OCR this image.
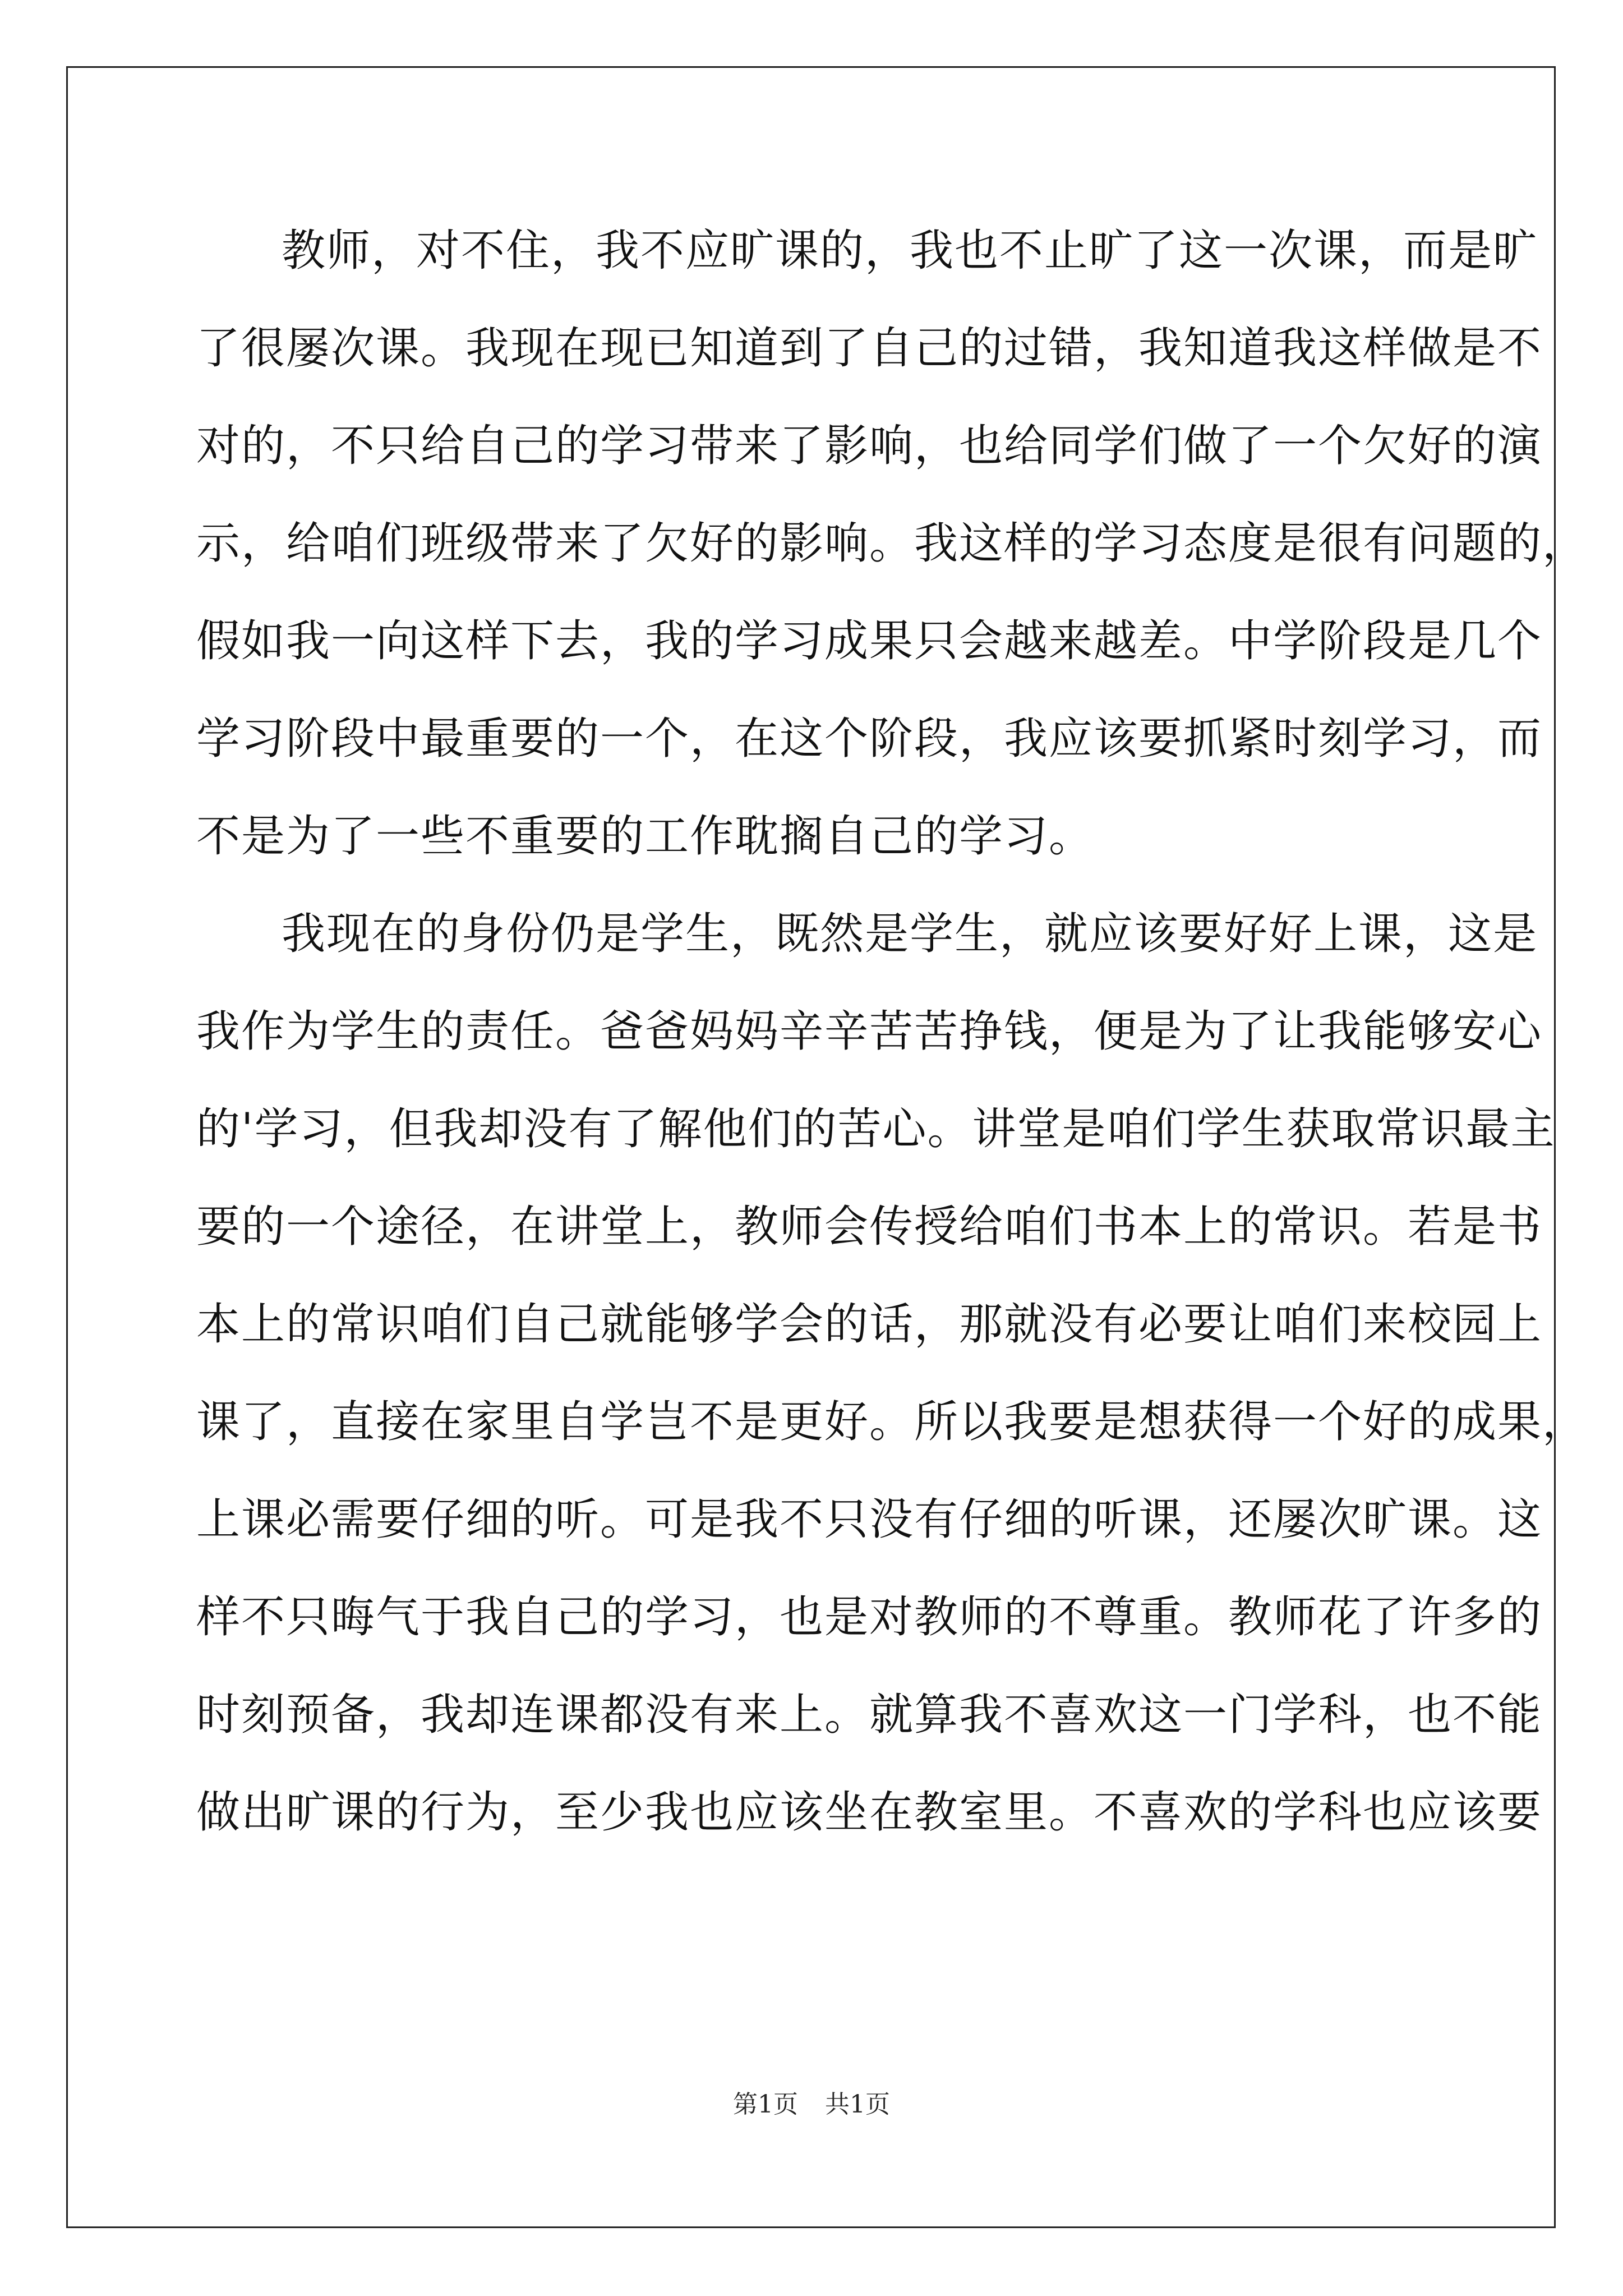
教师，对不住，我不应旷课的，我也不止旷了这一次课，而是旷
了很屡次课。我现在现已知道到了自己的过错，我知道我这样做是不
对的，不只给自己的学习带来了影响，也给同学们做了一个欠好的演
示，给咱们班级带来了欠好的影响。我这样的学习态度是很有问题的，
假如我一向这样下去，我的学习成果只会越来越差。中学阶段是几个
学习阶段中最重要的一个，在这个阶段，我应该要抓紧时刻学习，而
不是为了一些不重要的工作耽搁自己的学习。
我现在的身份仍是学生，既然是学生，就应该要好好上课，这是
我作为学生的责任。爸爸妈妈辛辛苦苦挣钱，便是为了让我能够安心
的'学习，但我却没有了解他们的苦心。讲堂是咱们学生获取常识最主
要的一个途径，在讲堂上，教师会传授给咱们书本上的常识。若是书
本上的常识咱们自己就能够学会的话，那就没有必要让咱们来校园上
课了，直接在家里自学岂不是更好。所以我要是想获得一个好的成果，
上课必需要仔细的听。可是我不只没有仔细的听课，还屡次旷课。这
样不只晦气于我自己的学习，也是对教师的不尊重。教师花了许多的
时刻预备，我却连课都没有来上。就算我不喜欢这一门学科，也不能
做出旷课的行为，至少我也应该坐在教室里。不喜欢的学科也应该要
第1页 共1页
